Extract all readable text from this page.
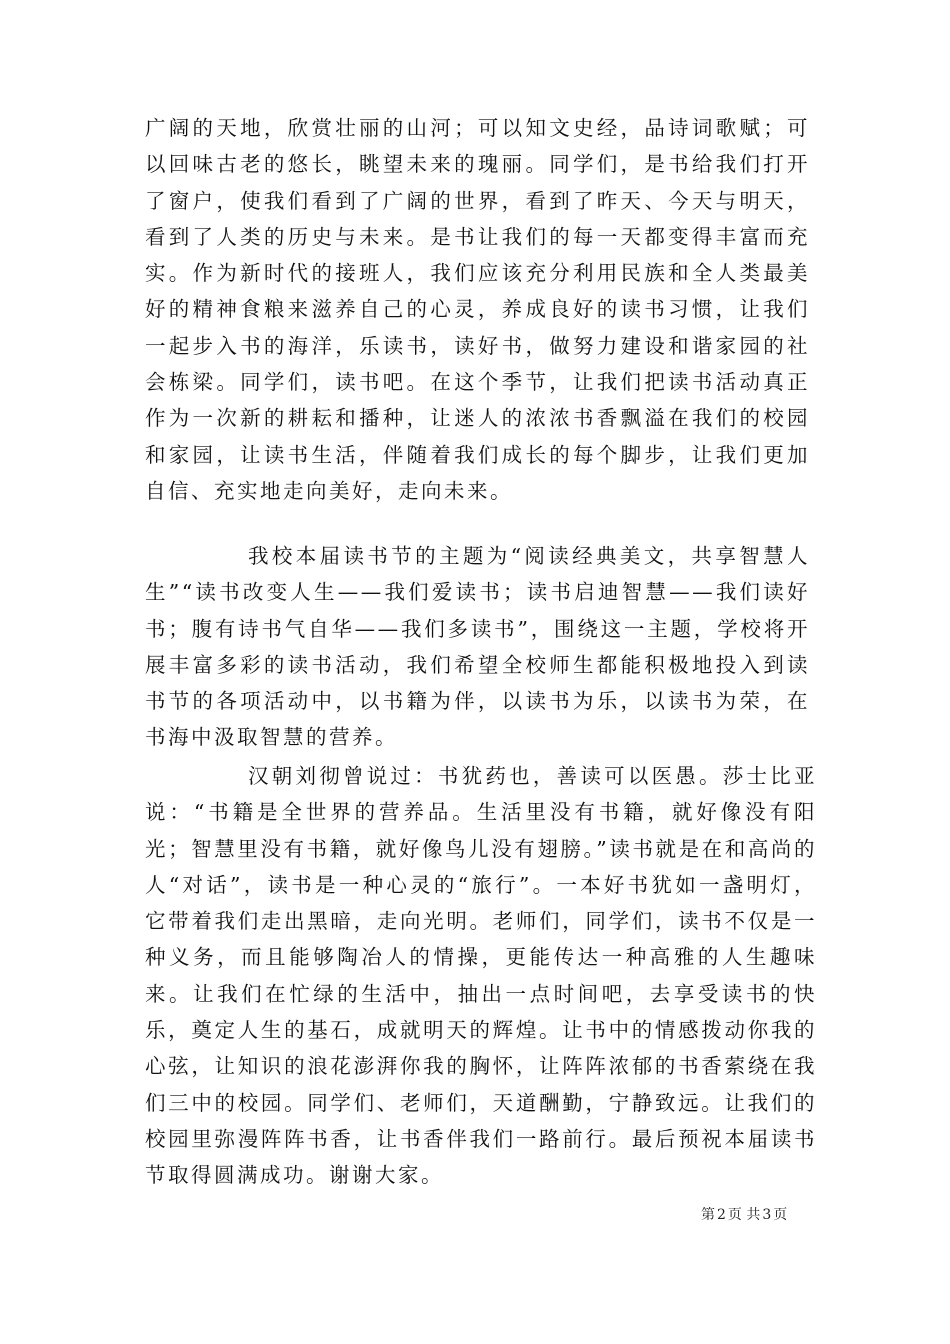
广阔的天地，欣赏壮丽的山河；可以知文史经，品诗词歌赋；可以回味古老的悠长，眺望未来的瑰丽。同学们，是书给我们打开了窗户，使我们看到了广阔的世界，看到了昨天、今天与明天，看到了人类的历史与未来。是书让我们的每一天都变得丰富而充实。作为新时代的接班人，我们应该充分利用民族和全人类最美好的精神食粮来滋养自己的心灵，养成良好的读书习惯，让我们一起步入书的海洋，乐读书，读好书，做努力建设和谐家园的社会栋梁。同学们，读书吧。在这个季节，让我们把读书活动真正作为一次新的耕耘和播种，让迷人的浓浓书香飘溢在我们的校园和家园，让读书生活，伴随着我们成长的每个脚步，让我们更加自信、充实地走向美好，走向未来。

我校本届读书节的主题为“阅读经典美文，共享智慧人生”“读书改变人生——我们爱读书；读书启迪智慧——我们读好书；腹有诗书气自华——我们多读书”，围绕这一主题，学校将开展丰富多彩的读书活动，我们希望全校师生都能积极地投入到读书节的各项活动中，以书籍为伴，以读书为乐，以读书为荣，在书海中汲取智慧的营养。

汉朝刘彻曾说过：书犹药也，善读可以医愚。莎士比亚说：“书籍是全世界的营养品。生活里没有书籍，就好像没有阳光；智慧里没有书籍，就好像鸟儿没有翅膀。”读书就是在和高尚的人“对话”，读书是一种心灵的“旅行”。一本好书犹如一盏明灯，它带着我们走出黑暗，走向光明。老师们，同学们，读书不仅是一种义务，而且能够陶冶人的情操，更能传达一种高雅的人生趣味来。让我们在忙绿的生活中，抽出一点时间吧，去享受读书的快乐，奠定人生的基石，成就明天的辉煌。让书中的情感拨动你我的心弦，让知识的浪花澎湃你我的胸怀，让阵阵浓郁的书香萦绕在我们三中的校园。同学们、老师们，天道酬勤，宁静致远。让我们的校园里弥漫阵阵书香，让书香伴我们一路前行。最后预祝本届读书节取得圆满成功。谢谢大家。

第 2 页 共 3 页
